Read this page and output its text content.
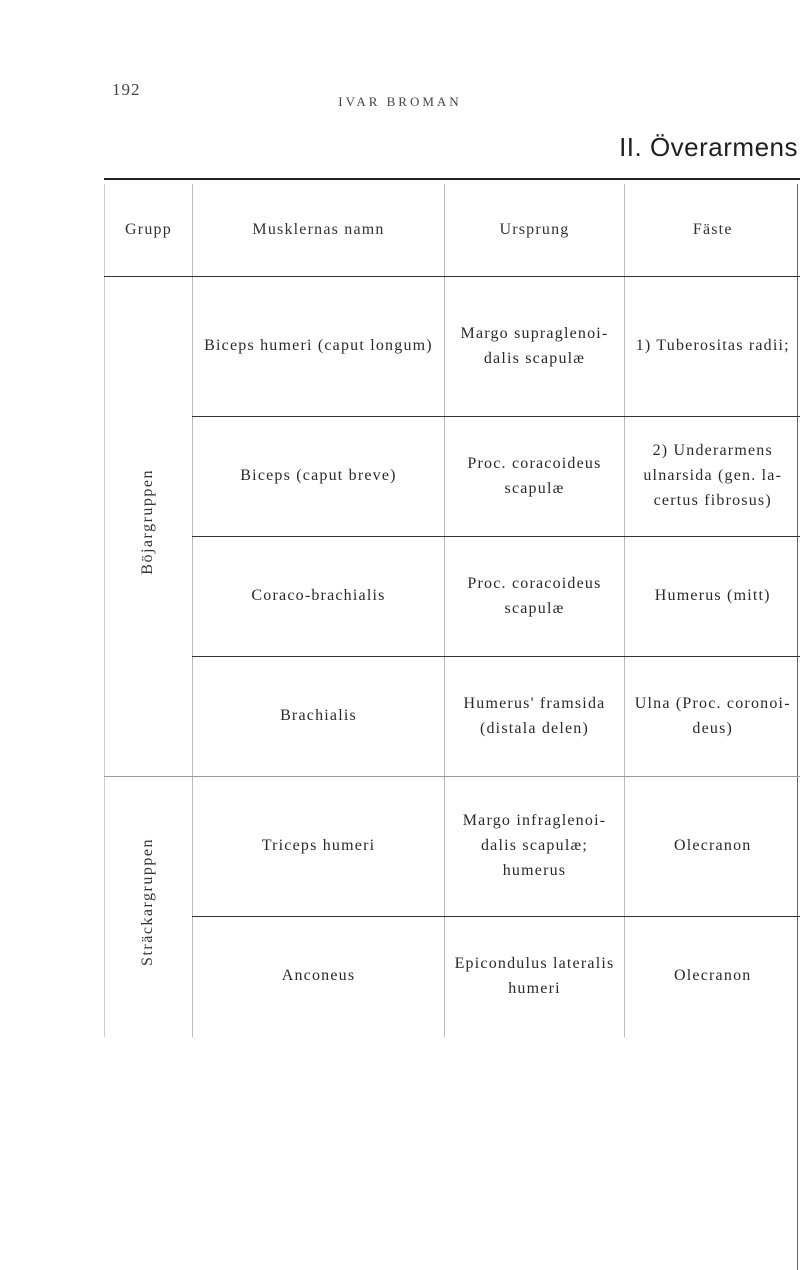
192
IVAR BROMAN
II. Överarmens
Grupp	Musklernas namn	Ursprung	Fäste
Böjargruppen	Biceps humeri (caput longum)	Margo supraglenoi-dalis scapulæ	1) Tuberositas radii;
	Biceps (caput breve)	Proc. coracoideus scapulæ	2) Underarmens ulnarsida (gen. la-certus fibrosus)
	Coraco-brachialis	Proc. coracoideus scapulæ	Humerus (mitt)
	Brachialis	Humerus' framsida (distala delen)	Ulna (Proc. coronoi-deus)
Sträckargruppen	Triceps humeri	Margo infraglenoi-dalis scapulæ; humerus	Olecranon
	Anconeus	Epicondulus lateralis humeri	Olecranon
